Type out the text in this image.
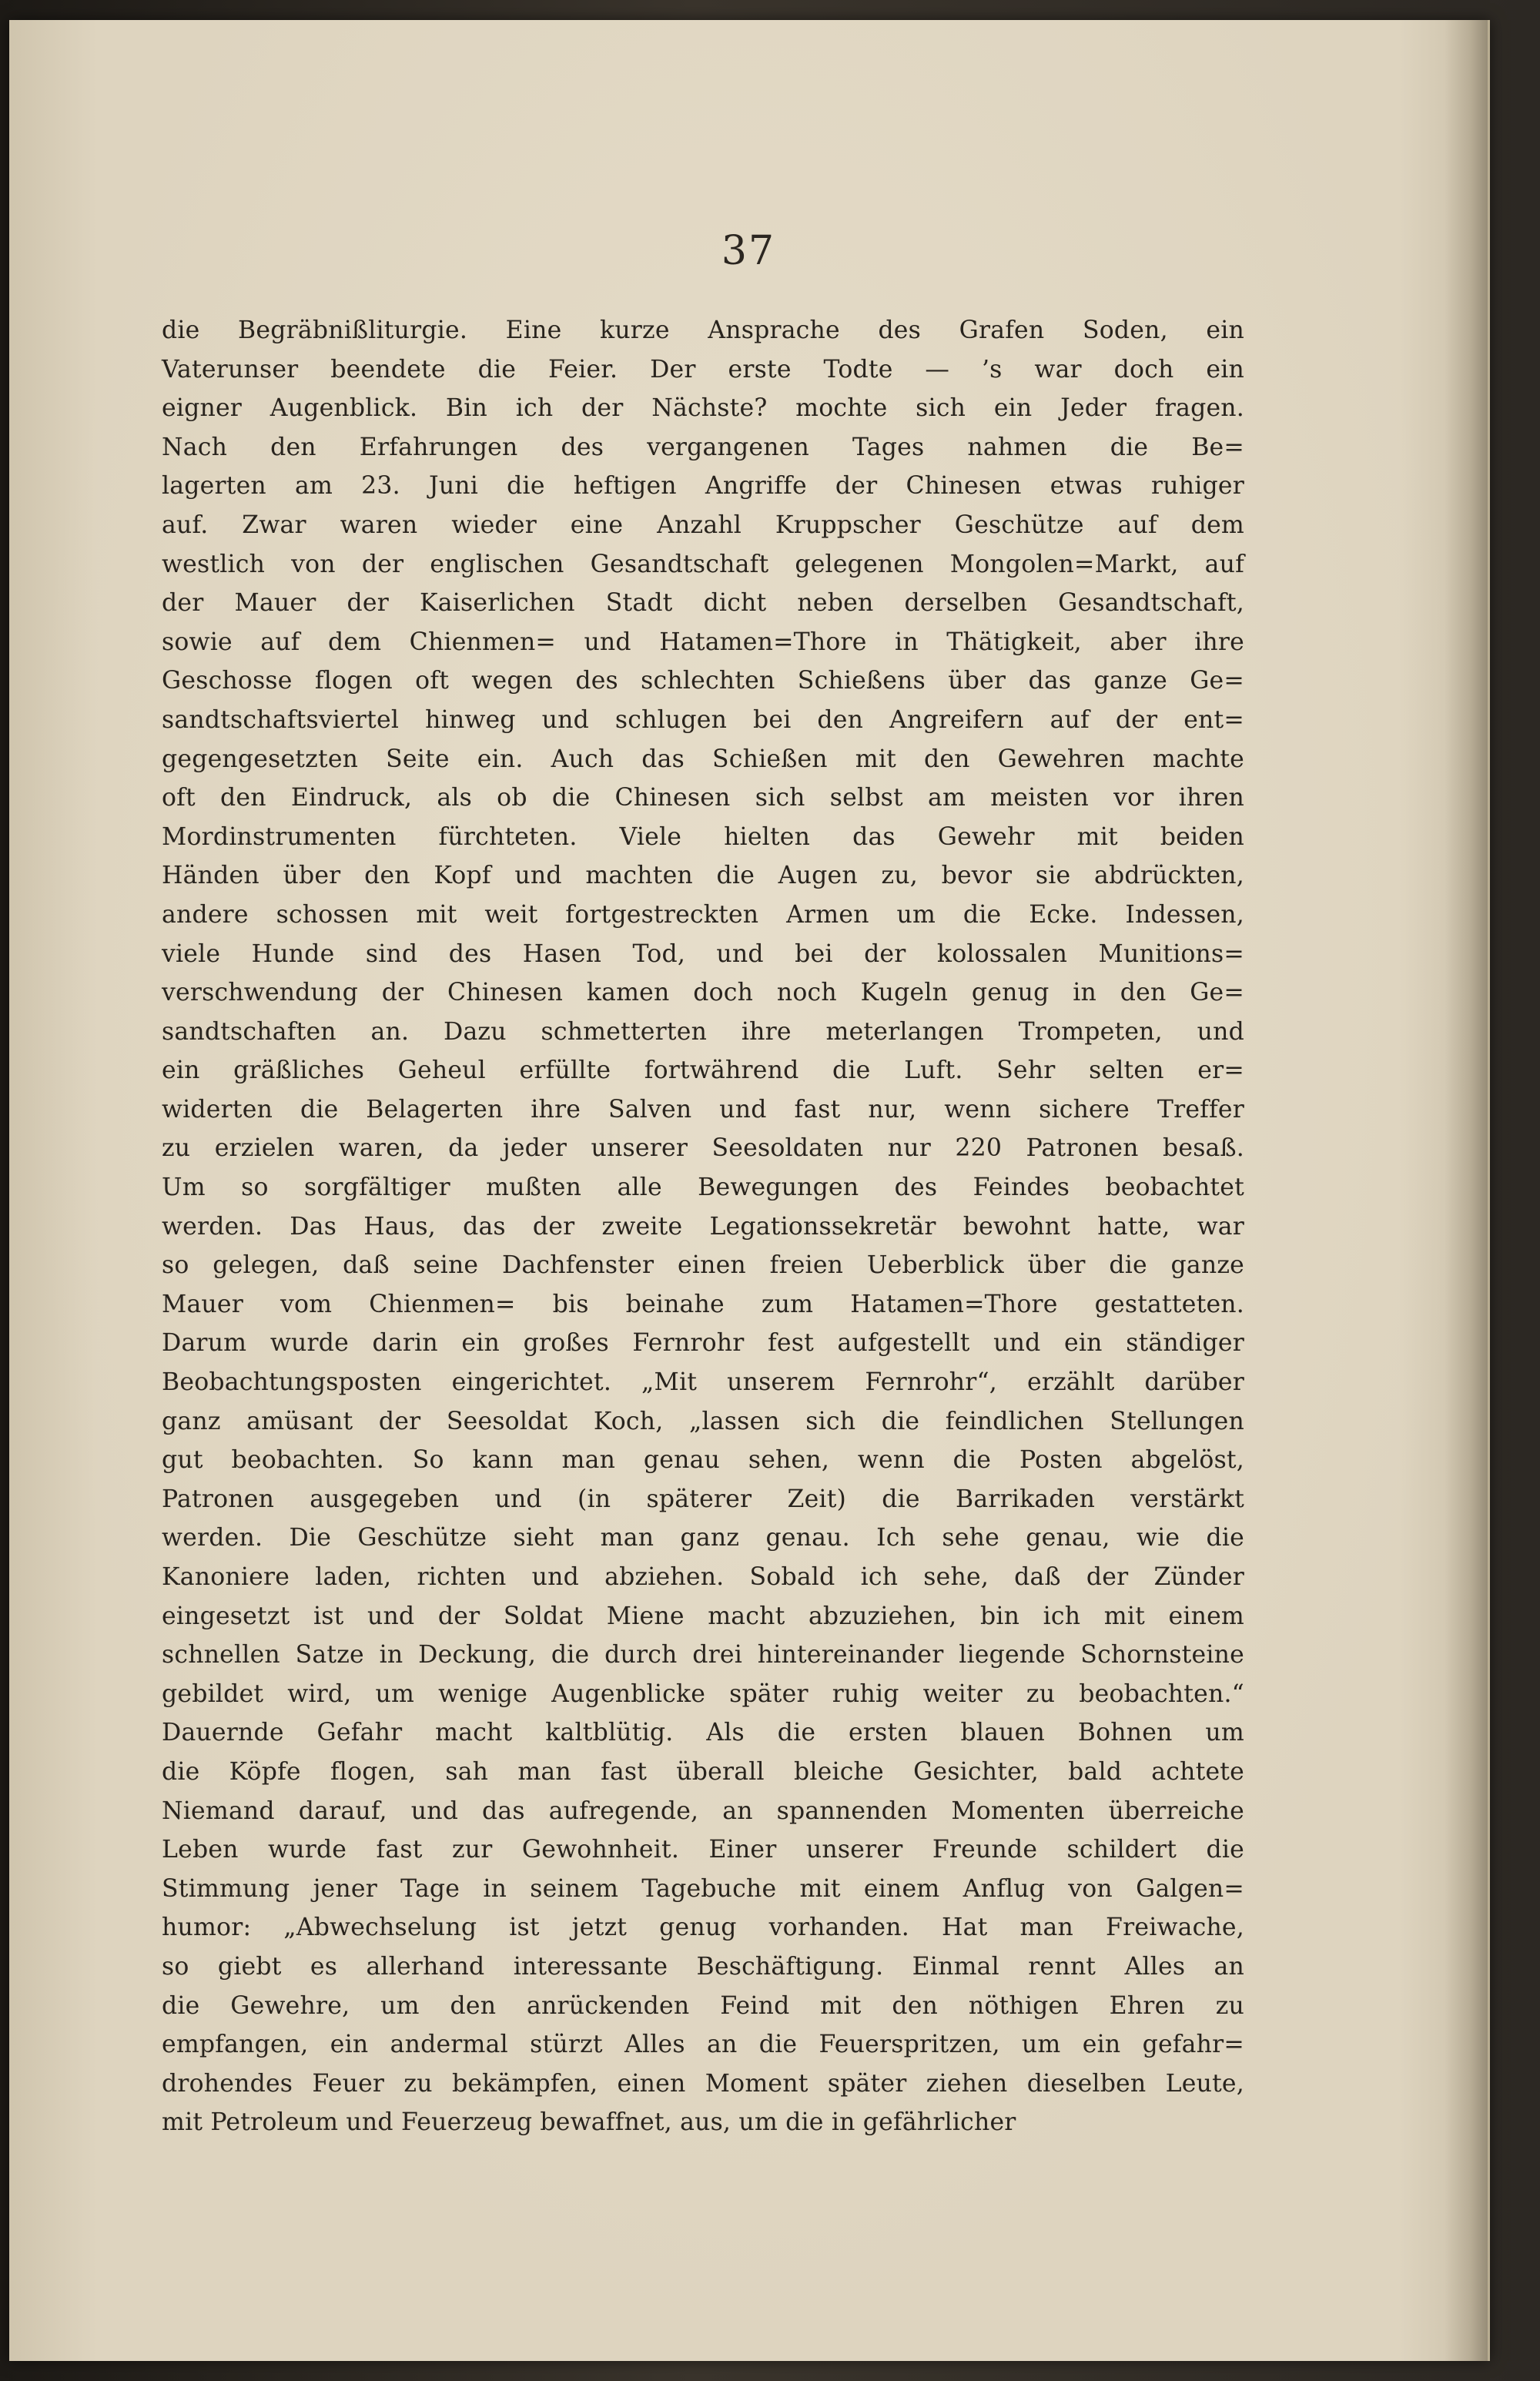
37
die Begräbnißliturgie. Eine kurze Ansprache des Grafen Soden, ein
Vaterunser beendete die Feier. Der erste Todte — ’s war doch ein
eigner Augenblick. Bin ich der Nächste? mochte sich ein Jeder fragen.
Nach den Erfahrungen des vergangenen Tages nahmen die Be=
lagerten am 23. Juni die heftigen Angriffe der Chinesen etwas ruhiger
auf. Zwar waren wieder eine Anzahl Kruppscher Geschütze auf dem
westlich von der englischen Gesandtschaft gelegenen Mongolen=Markt, auf
der Mauer der Kaiserlichen Stadt dicht neben derselben Gesandtschaft,
sowie auf dem Chienmen= und Hatamen=Thore in Thätigkeit, aber ihre
Geschosse flogen oft wegen des schlechten Schießens über das ganze Ge=
sandtschaftsviertel hinweg und schlugen bei den Angreifern auf der ent=
gegengesetzten Seite ein. Auch das Schießen mit den Gewehren machte
oft den Eindruck, als ob die Chinesen sich selbst am meisten vor ihren
Mordinstrumenten fürchteten. Viele hielten das Gewehr mit beiden
Händen über den Kopf und machten die Augen zu, bevor sie abdrückten,
andere schossen mit weit fortgestreckten Armen um die Ecke. Indessen,
viele Hunde sind des Hasen Tod, und bei der kolossalen Munitions=
verschwendung der Chinesen kamen doch noch Kugeln genug in den Ge=
sandtschaften an. Dazu schmetterten ihre meterlangen Trompeten, und
ein gräßliches Geheul erfüllte fortwährend die Luft. Sehr selten er=
widerten die Belagerten ihre Salven und fast nur, wenn sichere Treffer
zu erzielen waren, da jeder unserer Seesoldaten nur 220 Patronen besaß.
Um so sorgfältiger mußten alle Bewegungen des Feindes beobachtet
werden. Das Haus, das der zweite Legationssekretär bewohnt hatte, war
so gelegen, daß seine Dachfenster einen freien Ueberblick über die ganze
Mauer vom Chienmen= bis beinahe zum Hatamen=Thore gestatteten.
Darum wurde darin ein großes Fernrohr fest aufgestellt und ein ständiger
Beobachtungsposten eingerichtet. „Mit unserem Fernrohr“, erzählt darüber
ganz amüsant der Seesoldat Koch, „lassen sich die feindlichen Stellungen
gut beobachten. So kann man genau sehen, wenn die Posten abgelöst,
Patronen ausgegeben und (in späterer Zeit) die Barrikaden verstärkt
werden. Die Geschütze sieht man ganz genau. Ich sehe genau, wie die
Kanoniere laden, richten und abziehen. Sobald ich sehe, daß der Zünder
eingesetzt ist und der Soldat Miene macht abzuziehen, bin ich mit einem
schnellen Satze in Deckung, die durch drei hintereinander liegende Schornsteine
gebildet wird, um wenige Augenblicke später ruhig weiter zu beobachten.“
Dauernde Gefahr macht kaltblütig. Als die ersten blauen Bohnen um
die Köpfe flogen, sah man fast überall bleiche Gesichter, bald achtete
Niemand darauf, und das aufregende, an spannenden Momenten überreiche
Leben wurde fast zur Gewohnheit. Einer unserer Freunde schildert die
Stimmung jener Tage in seinem Tagebuche mit einem Anflug von Galgen=
humor: „Abwechselung ist jetzt genug vorhanden. Hat man Freiwache,
so giebt es allerhand interessante Beschäftigung. Einmal rennt Alles an
die Gewehre, um den anrückenden Feind mit den nöthigen Ehren zu
empfangen, ein andermal stürzt Alles an die Feuerspritzen, um ein gefahr=
drohendes Feuer zu bekämpfen, einen Moment später ziehen dieselben Leute,
mit Petroleum und Feuerzeug bewaffnet, aus, um die in gefährlicher
